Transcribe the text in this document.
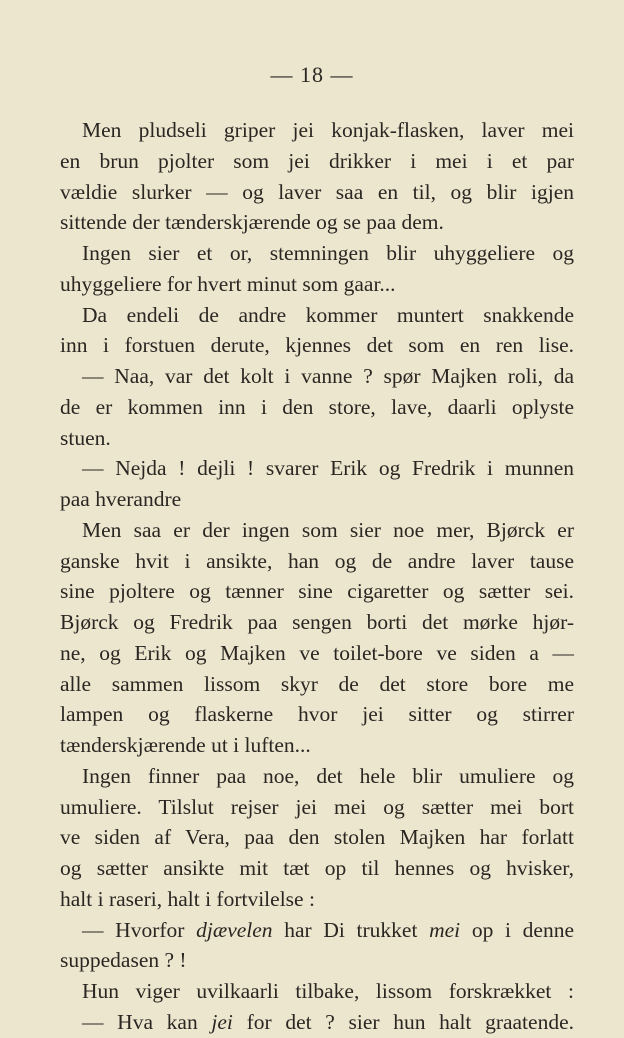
— 18 —
Men pludseli griper jei konjak-flasken, laver mei
en brun pjolter som jei drikker i mei i et par
vældie slurker — og laver saa en til, og blir igjen
sittende der tænderskjærende og se paa dem.
Ingen sier et or, stemningen blir uhyggeliere og
uhyggeliere for hvert minut som gaar...
Da endeli de andre kommer muntert snakkende
inn i forstuen derute, kjennes det som en ren lise.
— Naa, var det kolt i vanne ? spør Majken roli, da
de er kommen inn i den store, lave, daarli oplyste
stuen.
— Nejda ! dejli ! svarer Erik og Fredrik i munnen
paa hverandre
Men saa er der ingen som sier noe mer, Bjørck er
ganske hvit i ansikte, han og de andre laver tause
sine pjoltere og tænner sine cigaretter og sætter sei.
Bjørck og Fredrik paa sengen borti det mørke hjør-
ne, og Erik og Majken ve toilet-bore ve siden a —
alle sammen lissom skyr de det store bore me
lampen og flaskerne hvor jei sitter og stirrer
tænderskjærende ut i luften...
Ingen finner paa noe, det hele blir umuliere og
umuliere. Tilslut rejser jei mei og sætter mei bort
ve siden af Vera, paa den stolen Majken har forlatt
og sætter ansikte mit tæt op til hennes og hvisker,
halt i raseri, halt i fortvilelse :
— Hvorfor djævelen har Di trukket mei op i denne
suppedasen ? !
Hun viger uvilkaarli tilbake, lissom forskrækket :
— Hva kan jei for det ? sier hun halt graatende.
